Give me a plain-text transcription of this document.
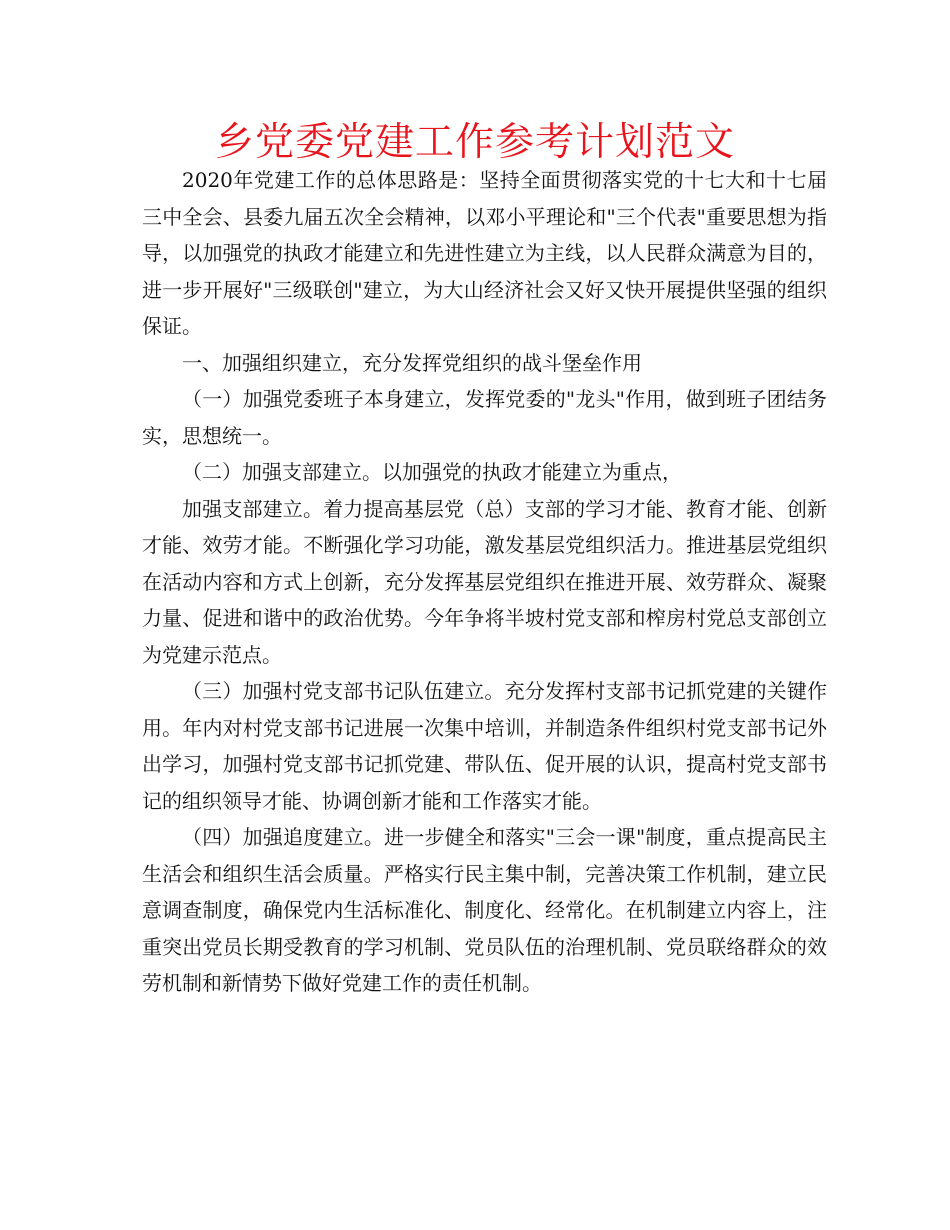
乡党委党建工作参考计划范文

2020年党建工作的总体思路是：坚持全面贯彻落实党的十七大和十七届三中全会、县委九届五次全会精神，以邓小平理论和"三个代表"重要思想为指导，以加强党的执政才能建立和先进性建立为主线，以人民群众满意为目的，进一步开展好"三级联创"建立，为大山经济社会又好又快开展提供坚强的组织保证。

一、加强组织建立，充分发挥党组织的战斗堡垒作用

（一）加强党委班子本身建立，发挥党委的"龙头"作用，做到班子团结务实，思想统一。

（二）加强支部建立。以加强党的执政才能建立为重点，

加强支部建立。着力提高基层党（总）支部的学习才能、教育才能、创新才能、效劳才能。不断强化学习功能，激发基层党组织活力。推进基层党组织在活动内容和方式上创新，充分发挥基层党组织在推进开展、效劳群众、凝聚力量、促进和谐中的政治优势。今年争将半坡村党支部和榨房村党总支部创立为党建示范点。

（三）加强村党支部书记队伍建立。充分发挥村支部书记抓党建的关键作用。年内对村党支部书记进展一次集中培训，并制造条件组织村党支部书记外出学习，加强村党支部书记抓党建、带队伍、促开展的认识，提高村党支部书记的组织领导才能、协调创新才能和工作落实才能。

（四）加强追度建立。进一步健全和落实"三会一课"制度，重点提高民主生活会和组织生活会质量。严格实行民主集中制，完善决策工作机制，建立民意调查制度，确保党内生活标准化、制度化、经常化。在机制建立内容上，注重突出党员长期受教育的学习机制、党员队伍的治理机制、党员联络群众的效劳机制和新情势下做好党建工作的责任机制。
